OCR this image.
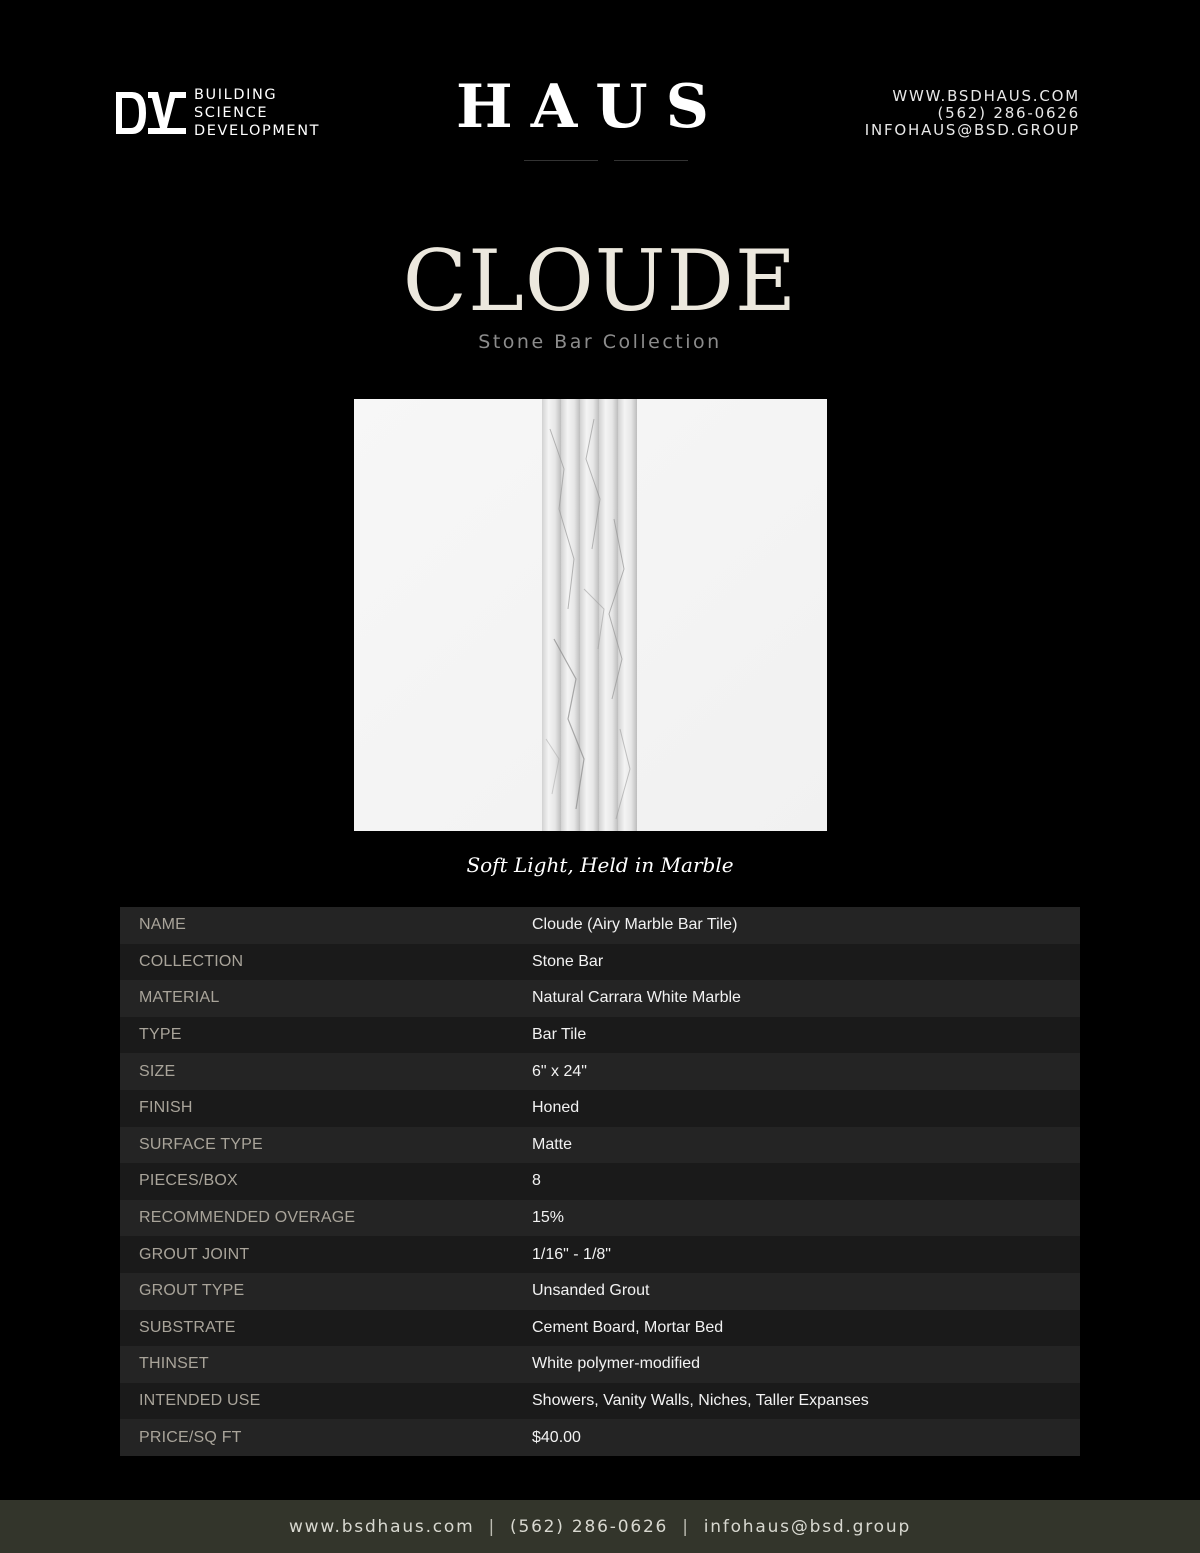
BUILDING
SCIENCE
DEVELOPMENT HAUS	WWW.BSDHAUS.COM
(562) 286-0626
INFOHAUS@BSD.GROUP
CLOUDE
Stone Bar Collection
Soft Light, Held in Marble
NAME	Cloude (Airy Marble Bar Tile)
COLLECTION	Stone Bar
MATERIAL	Natural Carrara White Marble
TYPE	Bar Tile
SIZE	6" x 24"
FINISH	Honed
SURFACE TYPE	Matte
PIECES/BOX	8
RECOMMENDED OVERAGE	15%
GROUT JOINT	1/16" - 1/8"
GROUT TYPE	Unsanded Grout
SUBSTRATE	Cement Board, Mortar Bed
THINSET	White polymer-modified
INTENDED USE	Showers, Vanity Walls, Niches, Taller Expanses
PRICE/SQ FT	$40.00
www.bsdhaus.com | (562) 286-0626 | infohaus@bsd.group
